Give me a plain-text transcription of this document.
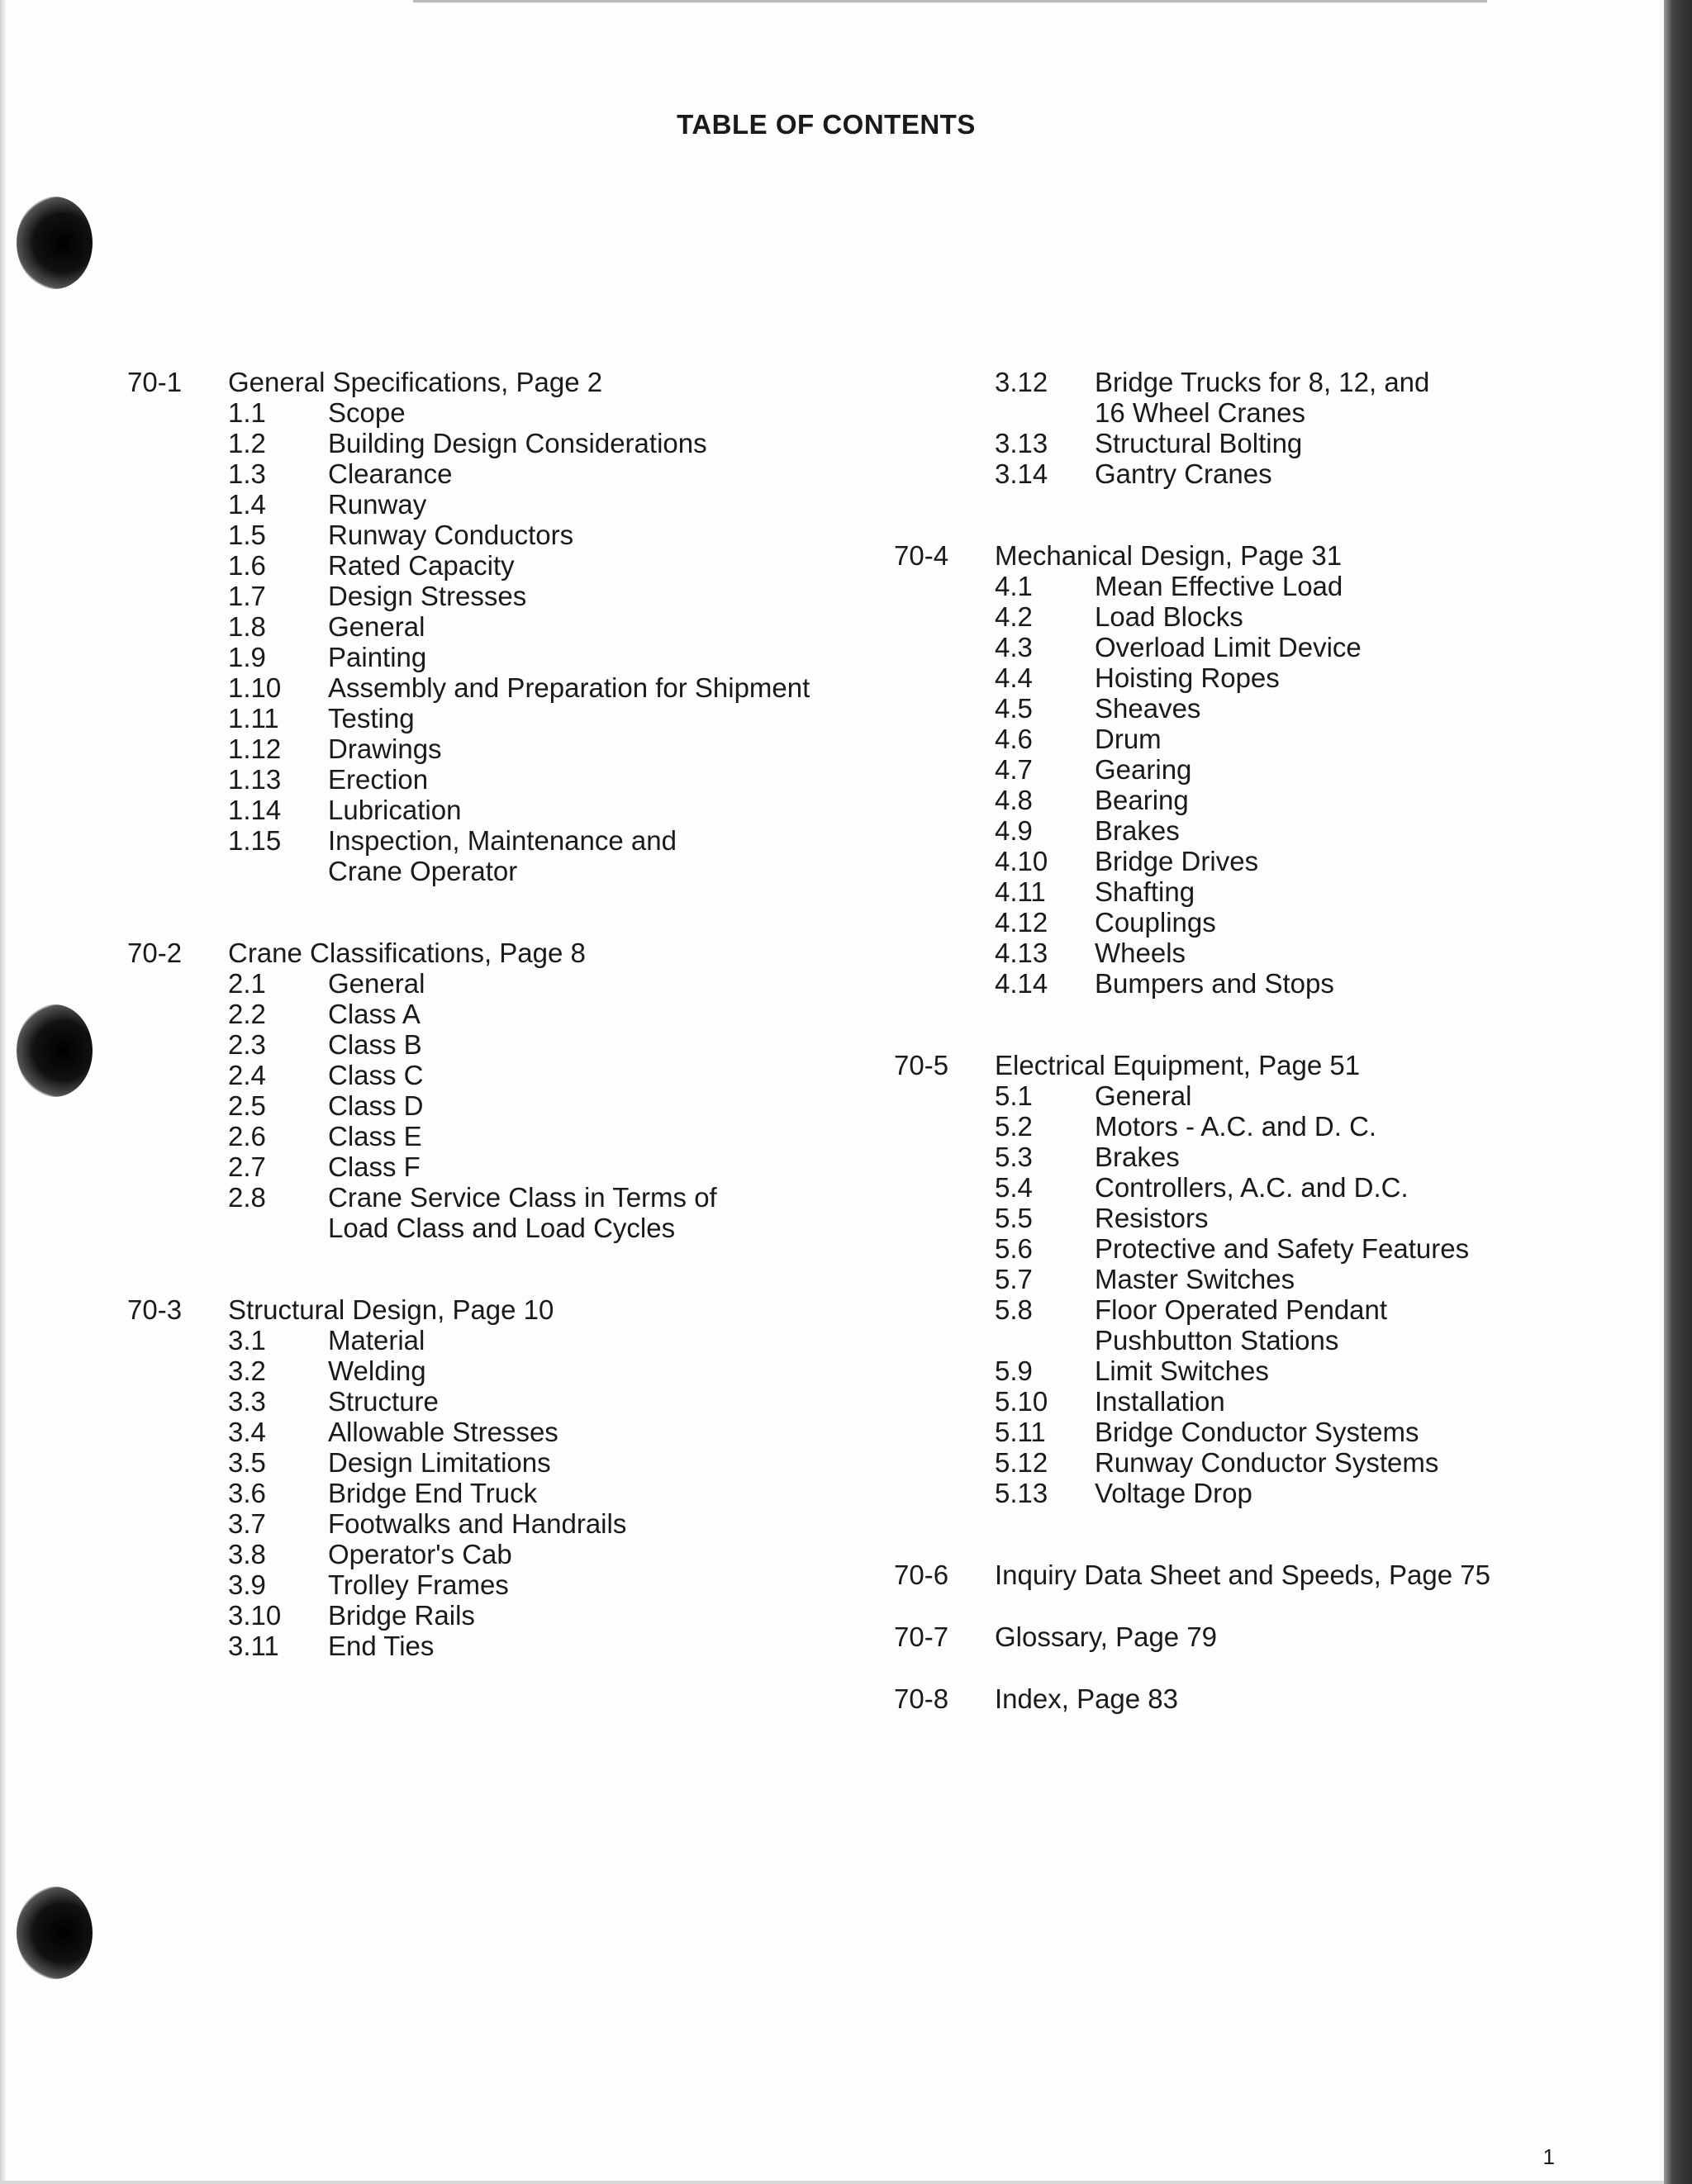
TABLE OF CONTENTS
70-1	General Specifications, Page 2
1.1	Scope
1.2	Building Design Considerations
1.3	Clearance
1.4	Runway
1.5	Runway Conductors
1.6	Rated Capacity
1.7	Design Stresses
1.8	General
1.9	Painting
1.10	Assembly and Preparation for Shipment
1.11	Testing
1.12	Drawings
1.13	Erection
1.14	Lubrication
1.15	Inspection, Maintenance and
Crane Operator
70-2	Crane Classifications, Page 8
2.1	General
2.2	Class A
2.3	Class B
2.4	Class C
2.5	Class D
2.6	Class E
2.7	Class F
2.8	Crane Service Class in Terms of
Load Class and Load Cycles
70-3	Structural Design, Page 10
3.1	Material
3.2	Welding
3.3	Structure
3.4	Allowable Stresses
3.5	Design Limitations
3.6	Bridge End Truck
3.7	Footwalks and Handrails
3.8	Operator's Cab
3.9	Trolley Frames
3.10	Bridge Rails
3.11	End Ties
3.12	Bridge Trucks for 8, 12, and
16 Wheel Cranes
3.13	Structural Bolting
3.14	Gantry Cranes
70-4	Mechanical Design, Page 31
4.1	Mean Effective Load
4.2	Load Blocks
4.3	Overload Limit Device
4.4	Hoisting Ropes
4.5	Sheaves
4.6	Drum
4.7	Gearing
4.8	Bearing
4.9	Brakes
4.10	Bridge Drives
4.11	Shafting
4.12	Couplings
4.13	Wheels
4.14	Bumpers and Stops
70-5	Electrical Equipment, Page 51
5.1	General
5.2	Motors - A.C. and D. C.
5.3	Brakes
5.4	Controllers, A.C. and D.C.
5.5	Resistors
5.6	Protective and Safety Features
5.7	Master Switches
5.8	Floor Operated Pendant
Pushbutton Stations
5.9	Limit Switches
5.10	Installation
5.11	Bridge Conductor Systems
5.12	Runway Conductor Systems
5.13	Voltage Drop
70-6	Inquiry Data Sheet and Speeds, Page 75
70-7	Glossary, Page 79
70-8	Index, Page 83
1
